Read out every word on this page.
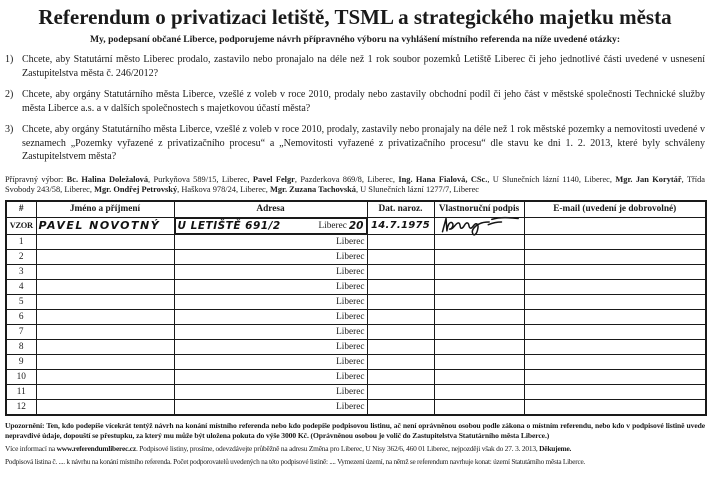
Referendum o privatizaci letiště, TSML a strategického majetku města
My, podepsaní občané Liberce, podporujeme návrh přípravného výboru na vyhlášení místního referenda na níže uvedené otázky:
1) Chcete, aby Statutární město Liberec prodalo, zastavilo nebo pronajalo na déle než 1 rok soubor pozemků Letiště Liberec či jeho jednotlivé části uvedené v usnesení Zastupitelstva města č. 246/2012?
2) Chcete, aby orgány Statutárního města Liberce, vzešlé z voleb v roce 2010, prodaly nebo zastavily obchodní podíl či jeho část v městské společnosti Technické služby města Liberce a.s. a v dalších společnostech s majetkovou účastí města?
3) Chcete, aby orgány Statutárního města Liberce, vzešlé z voleb v roce 2010, prodaly, zastavily nebo pronajaly na déle než 1 rok městské pozemky a nemovitosti uvedené v seznamech „Pozemky vyřazené z privatizačního procesu“ a „Nemovitosti vyřazené z privatizačního procesu“ dle stavu ke dni 1. 2. 2013, které byly schváleny Zastupitelstvem města?

Přípravný výbor: Bc. Halina Doležalová, Purkyňova 589/15, Liberec, Pavel Felgr, Pazderkova 869/8, Liberec, Ing. Hana Fialová, CSc., U Slunečních lázní 1140, Liberec, Mgr. Jan Korytář, Třída Svobody 243/58, Liberec, Mgr. Ondřej Petrovský, Haškova 978/24, Liberec, Mgr. Zuzana Tachovská, U Slunečních lázní 1277/7, Liberec

#	Jméno a příjmení	Adresa	Dat. naroz.	Vlastnoruční podpis	E-mail (uvedení je dobrovolné)
VZOR	PAVEL NOVOTNÝ	U LETIŠTĚ 691/2	Liberec 20 14.7.1975	

1		Liberec			
2		Liberec			
3		Liberec			
4		Liberec			
5		Liberec			
6		Liberec			
7		Liberec			
8		Liberec			
9		Liberec			
10		Liberec			
11		Liberec			
12		Liberec			

Upozornění: Ten, kdo podepíše vícekrát tentýž návrh na konání místního referenda nebo kdo podepíše podpisovou listinu, ač není oprávněnou osobou podle zákona o místním referendu, nebo kdo v podpisové listině uvede nepravdivé údaje, dopouští se přestupku, za který mu může být uložena pokuta do výše 3000 Kč. (Oprávněnou osobou je volič do Zastupitelstva Statutárního města Liberce.)

Více informací na www.referendumliberec.cz. Podpisové listiny, prosíme, odevzdávejte průběžně na adresu Změna pro Liberec, U Nisy 362/6, 460 01 Liberec, nejpozději však do 27. 3. 2013, Děkujeme.

Podpisová listina č. .... k návrhu na konání místního referenda. Počet podporovatelů uvedených na této podpisové listině: .... Vymezení území, na němž se referendum navrhuje konat: území Statutárního města Liberce.
